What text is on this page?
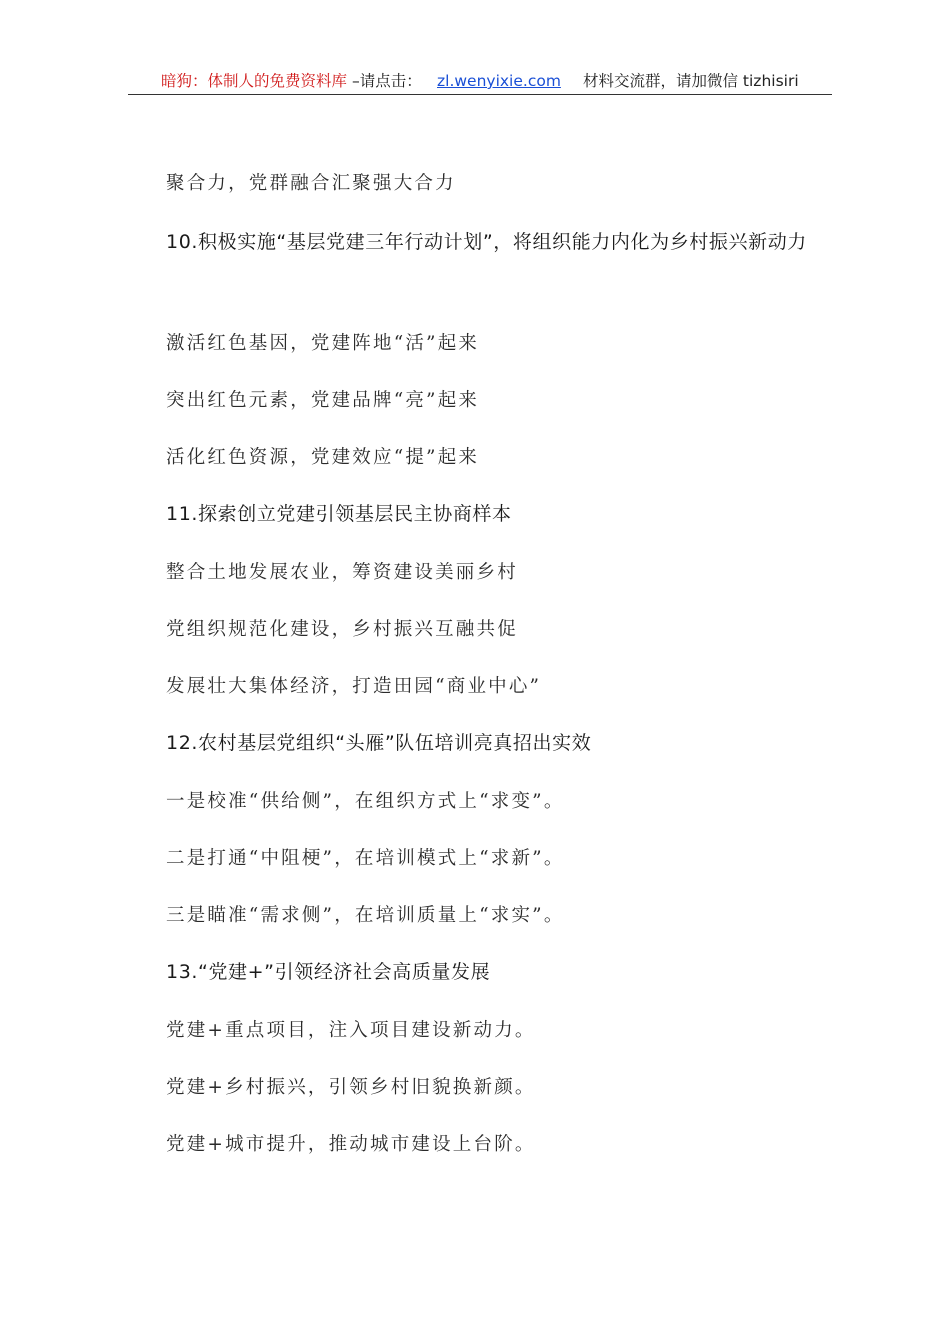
暗狗：体制人的免费资料库 –请点击： zl.wenyixie.com 材料交流群，请加微信 tizhisiri
聚合力，党群融合汇聚强大合力
10.积极实施“基层党建三年行动计划”，将组织能力内化为乡村振兴新动力
激活红色基因，党建阵地“活”起来
突出红色元素，党建品牌“亮”起来
活化红色资源，党建效应“提”起来
11.探索创立党建引领基层民主协商样本
整合土地发展农业，筹资建设美丽乡村
党组织规范化建设，乡村振兴互融共促
发展壮大集体经济，打造田园“商业中心”
12.农村基层党组织“头雁”队伍培训亮真招出实效
一是校准“供给侧”，在组织方式上“求变”。
二是打通“中阻梗”，在培训模式上“求新”。
三是瞄准“需求侧”，在培训质量上“求实”。
13.“党建+”引领经济社会高质量发展
党建+重点项目，注入项目建设新动力。
党建+乡村振兴，引领乡村旧貌换新颜。
党建+城市提升，推动城市建设上台阶。
